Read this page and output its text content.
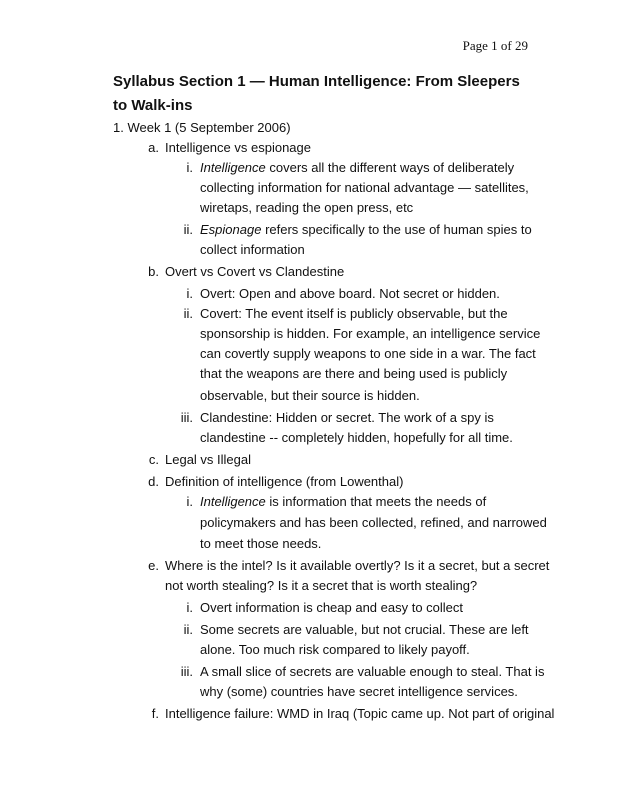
Page 1 of 29
Syllabus Section 1 — Human Intelligence: From Sleepers to Walk-ins
1. Week 1 (5 September 2006)
a. Intelligence vs espionage
i. Intelligence covers all the different ways of deliberately
collecting information for national advantage — satellites,
wiretaps, reading the open press, etc
ii. Espionage refers specifically to the use of human spies to
collect information
b. Overt vs Covert vs Clandestine
i. Overt: Open and above board. Not secret or hidden.
ii. Covert: The event itself is publicly observable, but the
sponsorship is hidden. For example, an intelligence service
can covertly supply weapons to one side in a war. The fact
that the weapons are there and being used is publicly
observable, but their source is hidden.
iii. Clandestine: Hidden or secret. The work of a spy is
clandestine -- completely hidden, hopefully for all time.
c. Legal vs Illegal
d. Definition of intelligence (from Lowenthal)
i. Intelligence is information that meets the needs of
policymakers and has been collected, refined, and narrowed
to meet those needs.
e. Where is the intel? Is it available overtly? Is it a secret, but a secret
not worth stealing? Is it a secret that is worth stealing?
i. Overt information is cheap and easy to collect
ii. Some secrets are valuable, but not crucial. These are left
alone. Too much risk compared to likely payoff.
iii. A small slice of secrets are valuable enough to steal. That is
why (some) countries have secret intelligence services.
f. Intelligence failure: WMD in Iraq (Topic came up. Not part of original
